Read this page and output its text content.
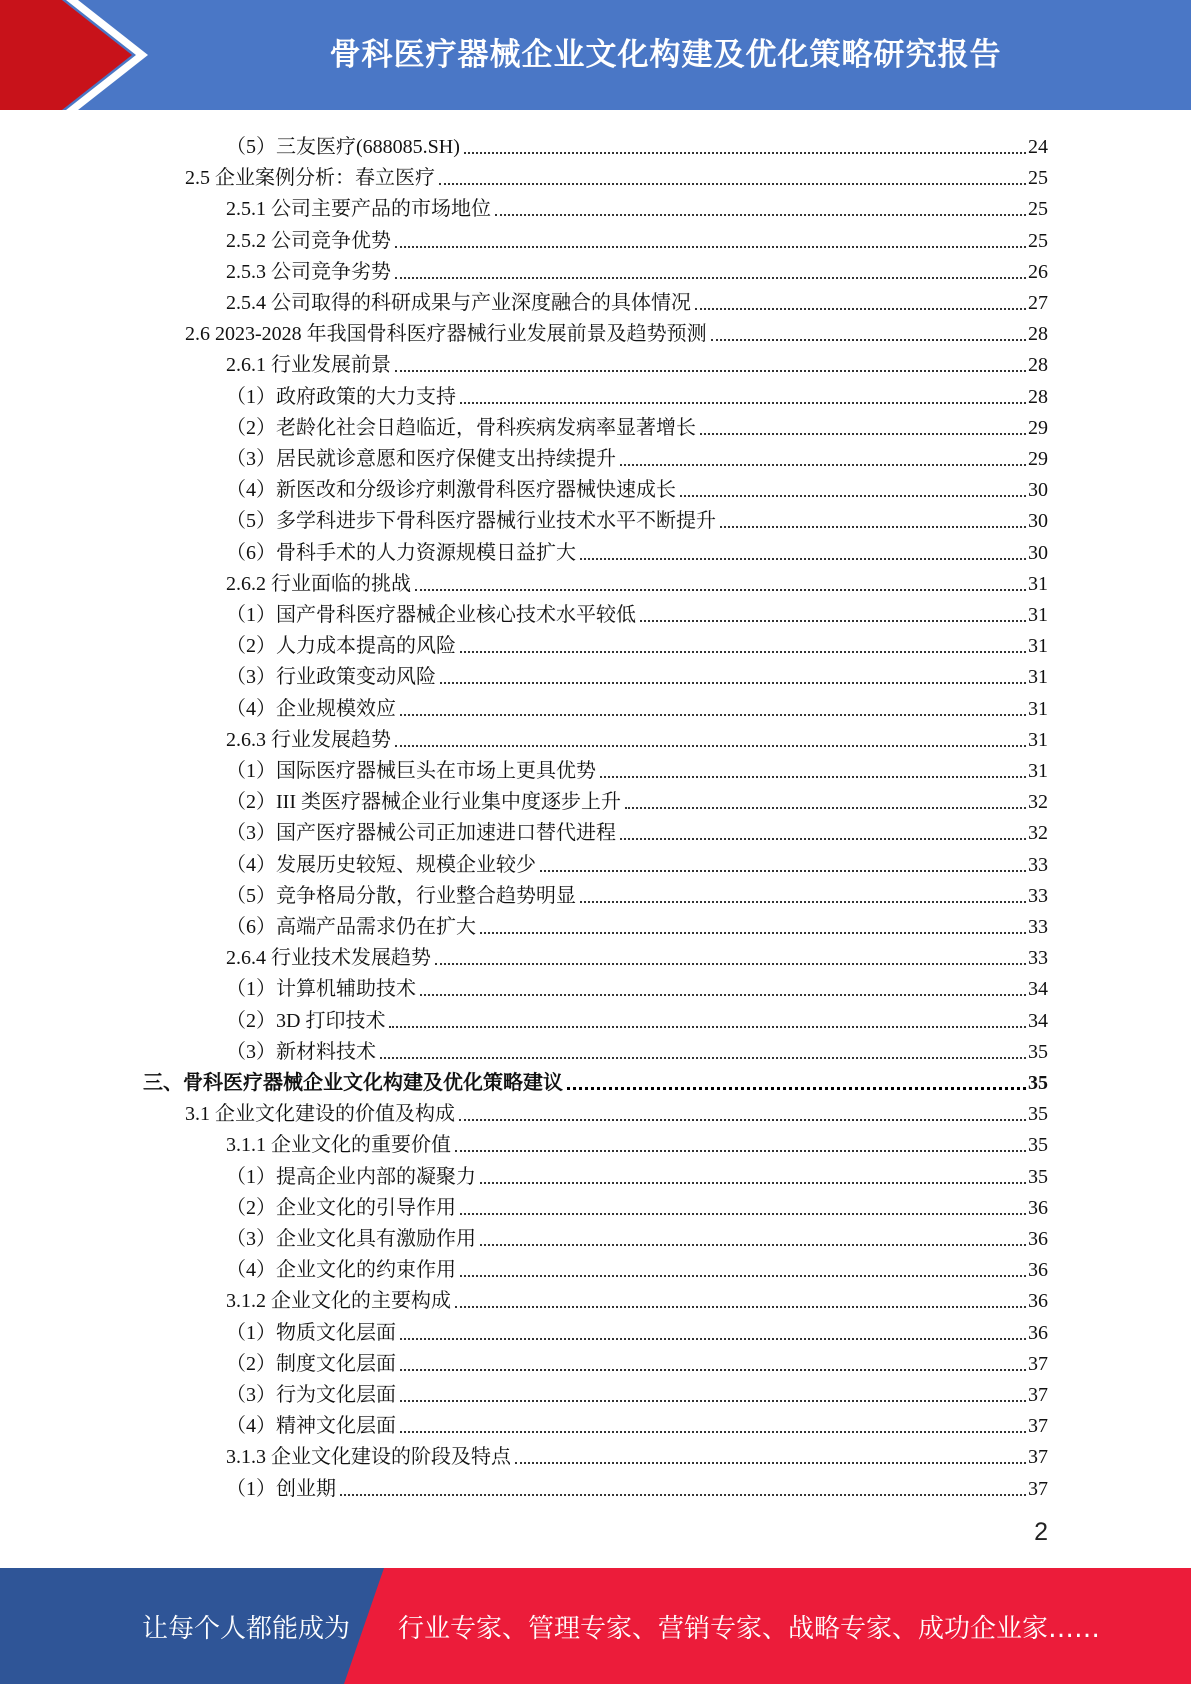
骨科医疗器械企业文化构建及优化策略研究报告
（5）三友医疗(688085.SH)	24
2.5 企业案例分析：春立医疗	25
2.5.1 公司主要产品的市场地位	25
2.5.2 公司竞争优势	25
2.5.3 公司竞争劣势	26
2.5.4 公司取得的科研成果与产业深度融合的具体情况	27
2.6 2023-2028 年我国骨科医疗器械行业发展前景及趋势预测	28
2.6.1 行业发展前景	28
（1）政府政策的大力支持	28
（2）老龄化社会日趋临近，骨科疾病发病率显著增长	29
（3）居民就诊意愿和医疗保健支出持续提升	29
（4）新医改和分级诊疗刺激骨科医疗器械快速成长	30
（5）多学科进步下骨科医疗器械行业技术水平不断提升	30
（6）骨科手术的人力资源规模日益扩大	30
2.6.2 行业面临的挑战	31
（1）国产骨科医疗器械企业核心技术水平较低	31
（2）人力成本提高的风险	31
（3）行业政策变动风险	31
（4）企业规模效应	31
2.6.3 行业发展趋势	31
（1）国际医疗器械巨头在市场上更具优势	31
（2）III 类医疗器械企业行业集中度逐步上升	32
（3）国产医疗器械公司正加速进口替代进程	32
（4）发展历史较短、规模企业较少	33
（5）竞争格局分散，行业整合趋势明显	33
（6）高端产品需求仍在扩大	33
2.6.4 行业技术发展趋势	33
（1）计算机辅助技术	34
（2）3D 打印技术	34
（3）新材料技术	35
三、骨科医疗器械企业文化构建及优化策略建议	35
3.1 企业文化建设的价值及构成	35
3.1.1 企业文化的重要价值	35
（1）提高企业内部的凝聚力	35
（2）企业文化的引导作用	36
（3）企业文化具有激励作用	36
（4）企业文化的约束作用	36
3.1.2 企业文化的主要构成	36
（1）物质文化层面	36
（2）制度文化层面	37
（3）行为文化层面	37
（4）精神文化层面	37
3.1.3 企业文化建设的阶段及特点	37
（1）创业期	37
2
让每个人都能成为 行业专家、管理专家、营销专家、战略专家、成功企业家……
